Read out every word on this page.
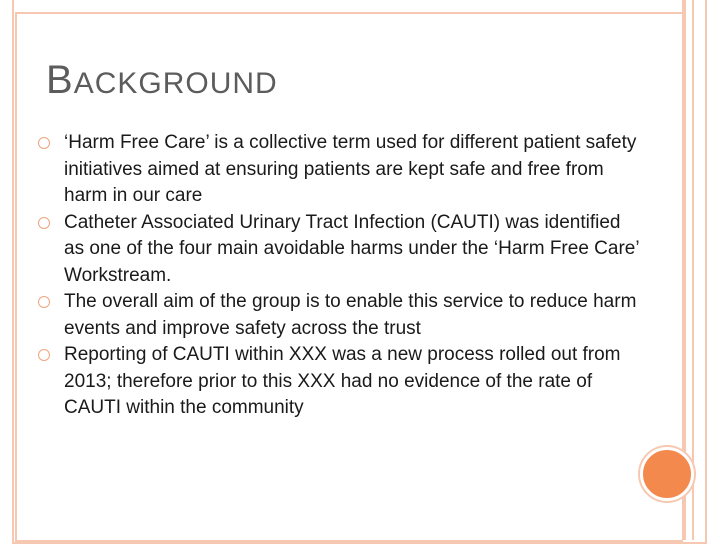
BACKGROUND
‘Harm Free Care’ is a collective term used for different patient safety initiatives aimed at ensuring patients are kept safe and free from harm in our care
Catheter Associated Urinary Tract Infection (CAUTI) was identified as one of the four main avoidable harms under the ‘Harm Free Care’ Workstream.
The overall aim of the group is to enable this service to reduce harm events and improve safety across the trust
Reporting of CAUTI within XXX was a new process rolled out from 2013; therefore prior to this XXX had no evidence of the rate of CAUTI within the community
